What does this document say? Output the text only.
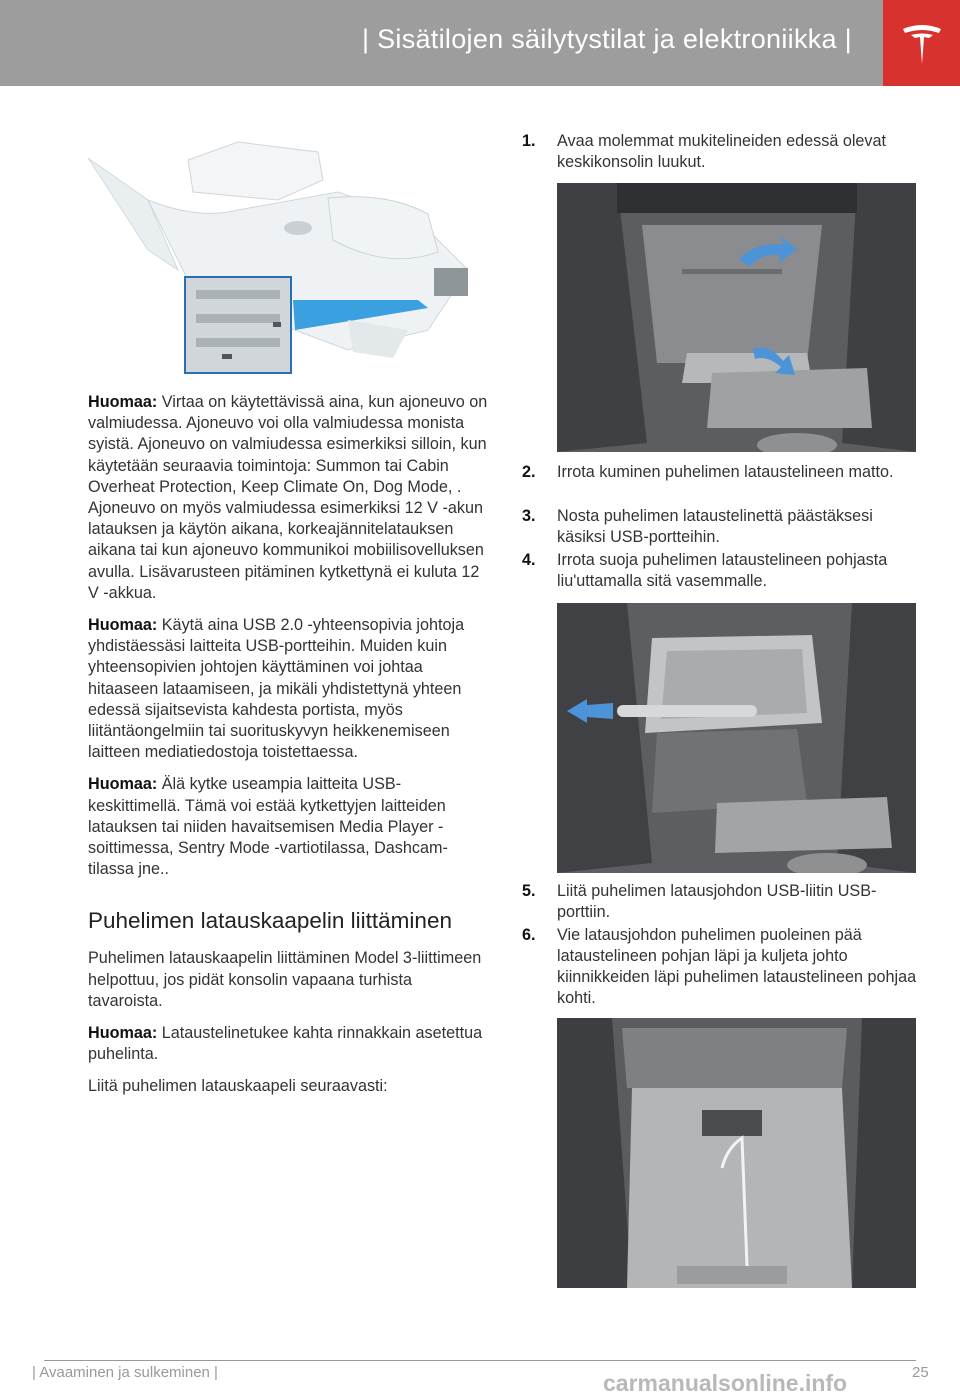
| Sisätilojen säilytystilat ja elektroniikka |

Huomaa: Virtaa on käytettävissä aina, kun ajoneuvo on valmiudessa. Ajoneuvo voi olla valmiudessa monista syistä. Ajoneuvo on valmiudessa esimerkiksi silloin, kun käytetään seuraavia toimintoja: Summon tai Cabin Overheat Protection, Keep Climate On, Dog Mode, . Ajoneuvo on myös valmiudessa esimerkiksi 12 V -akun latauksen ja käytön aikana, korkeajännitelatauksen aikana tai kun ajoneuvo kommunikoi mobiilisovelluksen avulla. Lisävarusteen pitäminen kytkettynä ei kuluta 12 V -akkua.

Huomaa: Käytä aina USB 2.0 -yhteensopivia johtoja yhdistäessäsi laitteita USB-portteihin. Muiden kuin yhteensopivien johtojen käyttäminen voi johtaa hitaaseen lataamiseen, ja mikäli yhdistettynä yhteen edessä sijaitsevista kahdesta portista, myös liitäntäongelmiin tai suorituskyvyn heikkenemiseen laitteen mediatiedostoja toistettaessa.

Huomaa: Älä kytke useampia laitteita USB-keskittimellä. Tämä voi estää kytkettyjen laitteiden latauksen tai niiden havaitsemisen Media Player -soittimessa, Sentry Mode -vartiotilassa, Dashcam-tilassa jne..

Puhelimen latauskaapelin liittäminen

Puhelimen latauskaapelin liittäminen Model 3-liittimeen helpottuu, jos pidät konsolin vapaana turhista tavaroista.

Huomaa: Lataustelinetukee kahta rinnakkain asetettua puhelinta.

Liitä puhelimen latauskaapeli seuraavasti:

1. Avaa molemmat mukitelineiden edessä olevat keskikonsolin luukut.
2. Irrota kuminen puhelimen lataustelineen matto.
3. Nosta puhelimen lataustelinettä päästäksesi käsiksi USB-portteihin.
4. Irrota suoja puhelimen lataustelineen pohjasta liu'uttamalla sitä vasemmalle.
5. Liitä puhelimen latausjohdon USB-liitin USB-porttiin.
6. Vie latausjohdon puhelimen puoleinen pää lataustelineen pohjan läpi ja kuljeta johto kiinnikkeiden läpi puhelimen lataustelineen pohjaa kohti.
| Avaaminen ja sulkeminen |	25
carmanualsonline.info
